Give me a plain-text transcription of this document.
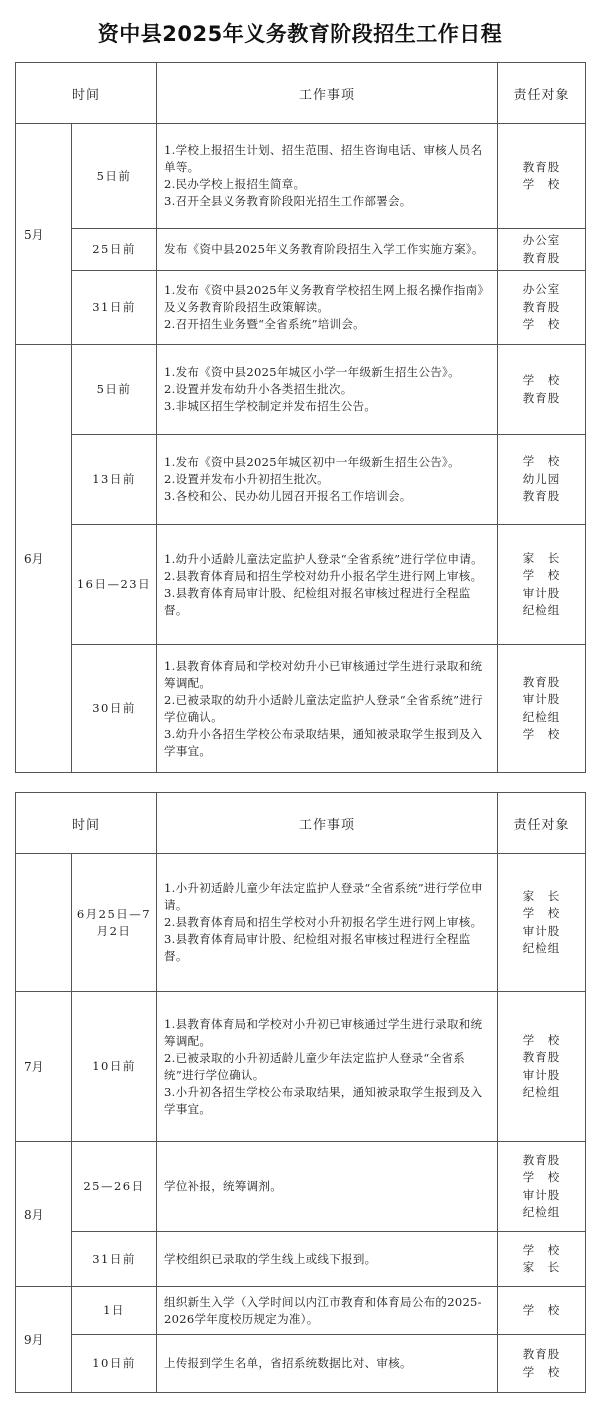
资中县2025年义务教育阶段招生工作日程
时间		工作事项	责任对象
5月	5日前	1.学校上报招生计划、招生范围、招生咨询电话、审核人员名单等。
2.民办学校上报招生简章。
3.召开全县义务教育阶段阳光招生工作部署会。	教育股
学　校

	25日前	发布《资中县2025年义务教育阶段招生入学工作实施方案》。	办公室
教育股

	31日前	1.发布《资中县2025年义务教育学校招生网上报名操作指南》及义务教育阶段招生政策解读。
2.召开招生业务暨“全省系统”培训会。	办公室
教育股
学　校

6月	5日前	1.发布《资中县2025年城区小学一年级新生招生公告》。
2.设置并发布幼升小各类招生批次。
3.非城区招生学校制定并发布招生公告。	学　校
教育股

	13日前	1.发布《资中县2025年城区初中一年级新生招生公告》。
2.设置并发布小升初招生批次。
3.各校和公、民办幼儿园召开报名工作培训会。	学　校
幼儿园
教育股

	16日—23日	1.幼升小适龄儿童法定监护人登录“全省系统”进行学位申请。
2.县教育体育局和招生学校对幼升小报名学生进行网上审核。
3.县教育体育局审计股、纪检组对报名审核过程进行全程监督。	家　长
学　校
审计股
纪检组

	30日前	1.县教育体育局和学校对幼升小已审核通过学生进行录取和统筹调配。
2.已被录取的幼升小适龄儿童法定监护人登录“全省系统”进行学位确认。
3.幼升小各招生学校公布录取结果，通知被录取学生报到及入学事宜。	教育股
审计股
纪检组
学　校
时间		工作事项	责任对象
	6月25日—7月2日	1.小升初适龄儿童少年法定监护人登录“全省系统”进行学位申请。
2.县教育体育局和招生学校对小升初报名学生进行网上审核。
3.县教育体育局审计股、纪检组对报名审核过程进行全程监督。	家　长
学　校
审计股
纪检组

7月	10日前	1.县教育体育局和学校对小升初已审核通过学生进行录取和统筹调配。
2.已被录取的小升初适龄儿童少年法定监护人登录“全省系统”进行学位确认。
3.小升初各招生学校公布录取结果，通知被录取学生报到及入学事宜。	学　校
教育股
审计股
纪检组

8月	25—26日	学位补报，统筹调剂。	教育股
学　校
审计股
纪检组

	31日前	学校组织已录取的学生线上或线下报到。	学　校
家　长

9月	1日	组织新生入学（入学时间以内江市教育和体育局公布的2025-2026学年度校历规定为准）。	学　校

	10日前	上传报到学生名单，省招系统数据比对、审核。	教育股
学　校
